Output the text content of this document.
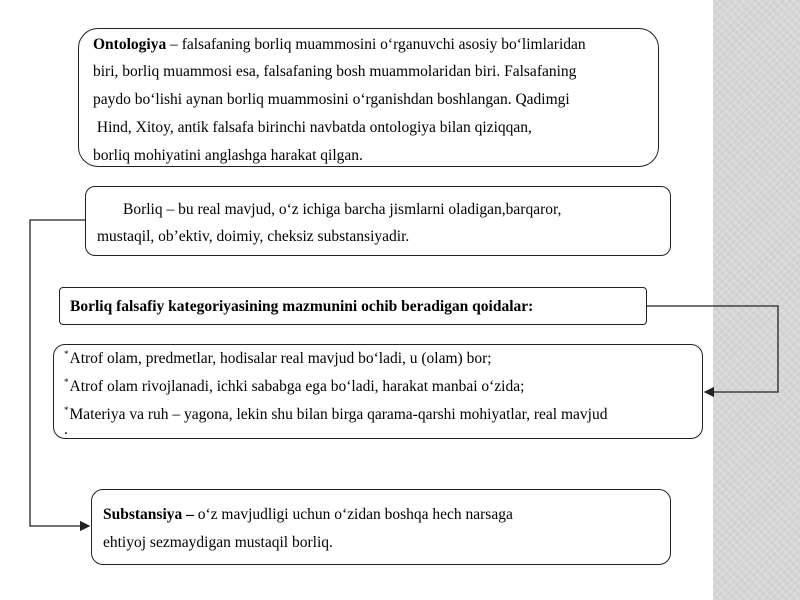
Ontologiya – falsafaning borliq muammosini o‘rganuvchi asosiy bo‘limlaridan
biri, borliq muammosi esa, falsafaning bosh muammolaridan biri. Falsafaning
paydo bo‘lishi aynan borliq muammosini o‘rganishdan boshlangan. Qadimgi
Hind, Xitoy, antik falsafa birinchi navbatda ontologiya bilan qiziqqan,
borliq mohiyatini anglashga harakat qilgan.
Borliq – bu real mavjud, o‘z ichiga barcha jismlarni oladigan,barqaror,
mustaqil, ob’ektiv, doimiy, cheksiz substansiyadir.
Borliq falsafiy kategoriyasining mazmunini ochib beradigan qoidalar:
*Atrof olam, predmetlar, hodisalar real mavjud bo‘ladi, u (olam) bor;
*Atrof olam rivojlanadi, ichki sababga ega bo‘ladi, harakat manbai o‘zida;
*Materiya va ruh – yagona, lekin shu bilan birga qarama-qarshi mohiyatlar, real mavjud
.
Substansiya – o‘z mavjudligi uchun o‘zidan boshqa hech narsaga
ehtiyoj sezmaydigan mustaqil borliq.
